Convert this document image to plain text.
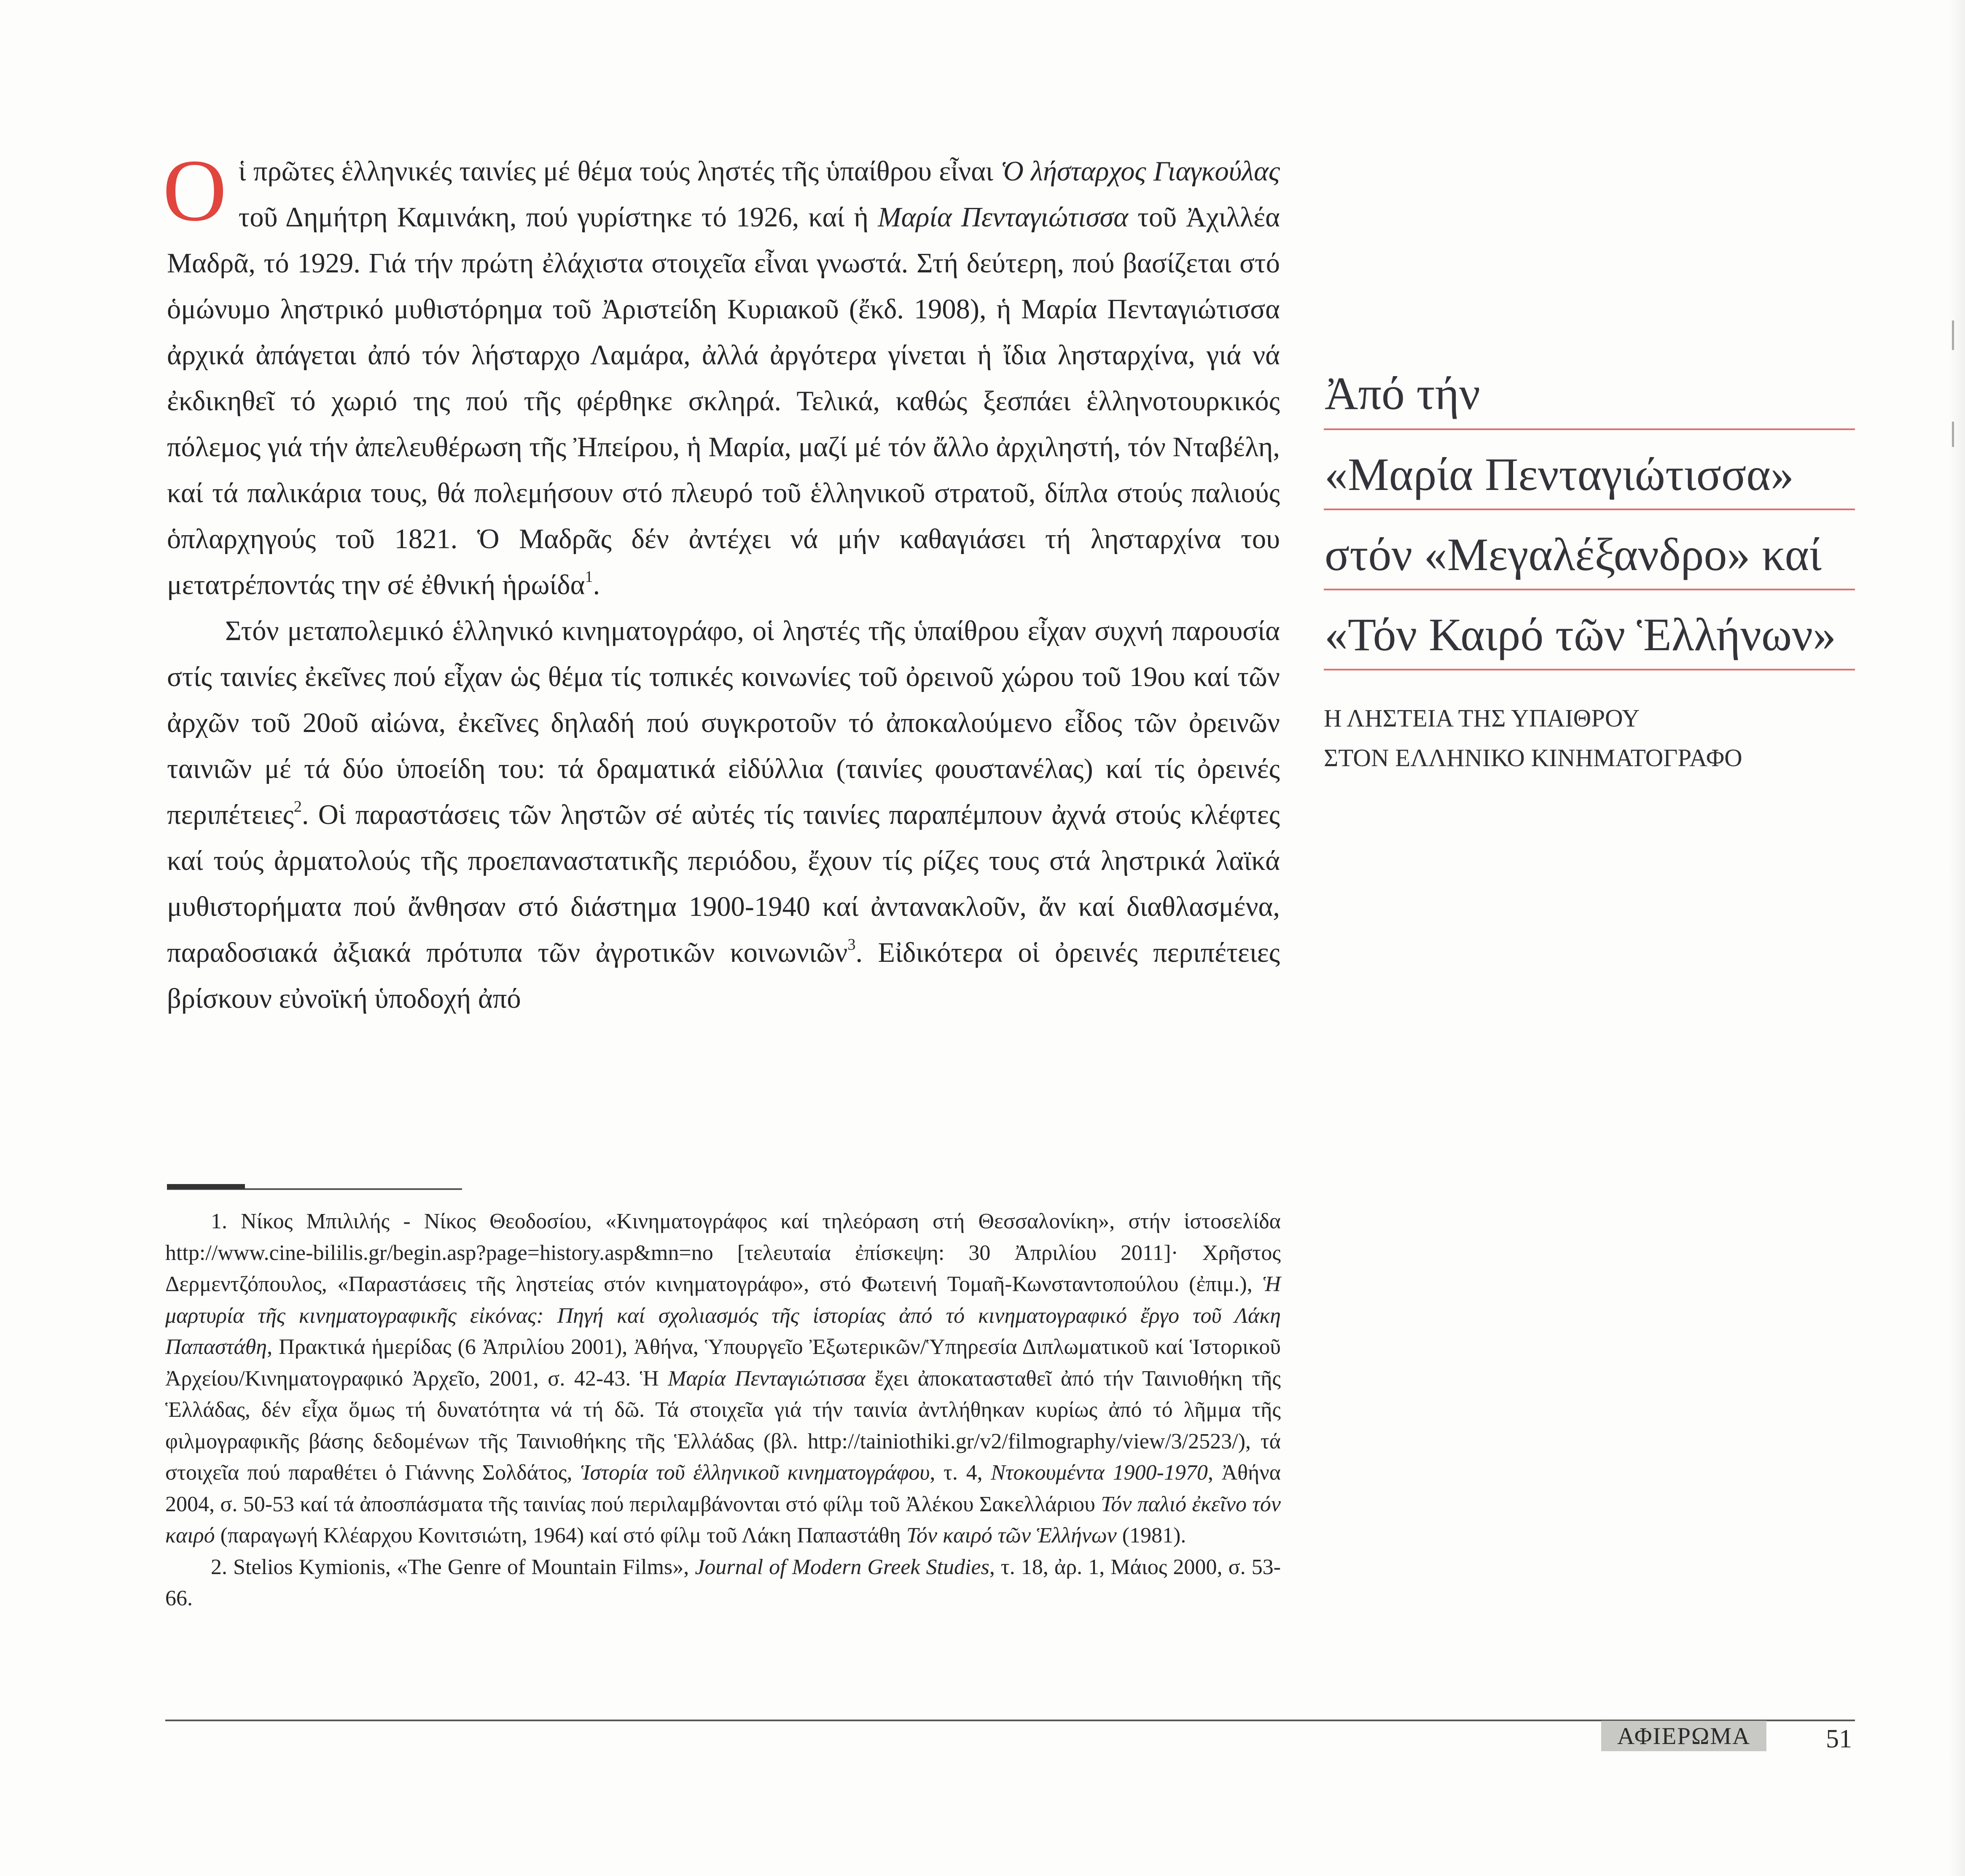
Οἱ πρῶτες ἑλληνικές ταινίες μέ θέμα τούς ληστές τῆς ὑπαίθρου εἶναι Ὁ λήσταρχος Γιαγκούλας τοῦ Δημήτρη Καμινάκη, πού γυρίστηκε τό 1926, καί ἡ Μαρία Πενταγιώτισσα τοῦ Ἀχιλλέα Μαδρᾶ, τό 1929. Γιά τήν πρώτη ἐλάχιστα στοιχεῖα εἶναι γνωστά. Στή δεύτερη, πού βασίζεται στό ὁμώνυμο ληστρικό μυθιστόρημα τοῦ Ἀριστείδη Κυριακοῦ (ἔκδ. 1908), ἡ Μαρία Πενταγιώτισσα ἀρχικά ἀπάγεται ἀπό τόν λήσταρχο Λαμάρα, ἀλλά ἀργότερα γίνεται ἡ ἴδια λησταρχίνα, γιά νά ἐκδικηθεῖ τό χωριό της πού τῆς φέρθηκε σκληρά. Τελικά, καθώς ξεσπάει ἑλληνοτουρκικός πόλεμος γιά τήν ἀπελευθέρωση τῆς Ἠπείρου, ἡ Μαρία, μαζί μέ τόν ἄλλο ἀρχιληστή, τόν Νταβέλη, καί τά παλικάρια τους, θά πολεμήσουν στό πλευρό τοῦ ἑλληνικοῦ στρατοῦ, δίπλα στούς παλιούς ὁπλαρχηγούς τοῦ 1821. Ὁ Μαδρᾶς δέν ἀντέχει νά μήν καθαγιάσει τή λησταρχίνα του μετατρέποντάς την σέ ἐθνική ἡρωίδα$^1$.

Στόν μεταπολεμικό ἑλληνικό κινηματογράφο, οἱ ληστές τῆς ὑπαίθρου εἶχαν συχνή παρουσία στίς ταινίες ἐκεῖνες πού εἶχαν ὡς θέμα τίς τοπικές κοινωνίες τοῦ ὀρεινοῦ χώρου τοῦ 19ου καί τῶν ἀρχῶν τοῦ 20οῦ αἰώνα, ἐκεῖνες δηλαδή πού συγκροτοῦν τό ἀποκαλούμενο εἶδος τῶν ὀρεινῶν ταινιῶν μέ τά δύο ὑποείδη του: τά δραματικά εἰδύλλια (ταινίες φουστανέλας) καί τίς ὀρεινές περιπέτειες$^2$. Οἱ παραστάσεις τῶν ληστῶν σέ αὐτές τίς ταινίες παραπέμπουν ἀχνά στούς κλέφτες καί τούς ἀρματολούς τῆς προεπαναστατικῆς περιόδου, ἔχουν τίς ρίζες τους στά ληστρικά λαϊκά μυθιστορήματα πού ἄνθησαν στό διάστημα 1900-1940 καί ἀντανακλοῦν, ἄν καί διαθλασμένα, παραδοσιακά ἀξιακά πρότυπα τῶν ἀγροτικῶν κοινωνιῶν$^3$. Εἰδικότερα οἱ ὀρεινές περιπέτειες βρίσκουν εὐνοϊκή ὑποδοχή ἀπό

1. Νίκος Μπιλιλής - Νίκος Θεοδοσίου, «Κινηματογράφος καί τηλεόραση στή Θεσσαλονίκη», στήν ἱστοσελίδα http://www.cine-bililis.gr/begin.asp?page=history.asp&mn=no [τελευταία ἐπίσκεψη: 30 Ἀπριλίου 2011]· Χρῆστος Δερμεντζόπουλος, «Παραστάσεις τῆς ληστείας στόν κινηματογράφο», στό Φωτεινή Τομαῆ-Κωνσταντοπούλου (ἐπιμ.), Ἡ μαρτυρία τῆς κινηματογραφικῆς εἰκόνας: Πηγή καί σχολιασμός τῆς ἱστορίας ἀπό τό κινηματογραφικό ἔργο τοῦ Λάκη Παπαστάθη, Πρακτικά ἡμερίδας (6 Ἀπριλίου 2001), Ἀθήνα, Ὑπουργεῖο Ἐξωτερικῶν/Ὑπηρεσία Διπλωματικοῦ καί Ἱστορικοῦ Ἀρχείου/Κινηματογραφικό Ἀρχεῖο, 2001, σ. 42-43. Ἡ Μαρία Πενταγιώτισσα ἔχει ἀποκατασταθεῖ ἀπό τήν Ταινιοθήκη τῆς Ἑλλάδας, δέν εἶχα ὅμως τή δυνατότητα νά τή δῶ. Τά στοιχεῖα γιά τήν ταινία ἀντλήθηκαν κυρίως ἀπό τό λῆμμα τῆς φιλμογραφικῆς βάσης δεδομένων τῆς Ταινιοθήκης τῆς Ἑλλάδας (βλ. http://tainiothiki.gr/v2/filmography/view/3/2523/), τά στοιχεῖα πού παραθέτει ὁ Γιάννης Σολδάτος, Ἱστορία τοῦ ἑλληνικοῦ κινηματογράφου, τ. 4, Ντοκουμέντα 1900-1970, Ἀθήνα 2004, σ. 50-53 καί τά ἀποσπάσματα τῆς ταινίας πού περιλαμβάνονται στό φίλμ τοῦ Ἀλέκου Σακελλάριου Τόν παλιό ἐκεῖνο τόν καιρό (παραγωγή Κλέαρχου Κονιτσιώτη, 1964) καί στό φίλμ τοῦ Λάκη Παπαστάθη Τόν καιρό τῶν Ἑλλήνων (1981).

2. Stelios Kymionis, «The Genre of Mountain Films», Journal of Modern Greek Studies, τ. 18, ἀρ. 1, Μάιος 2000, σ. 53-66.

Ἀπό τήν
«Μαρία Πενταγιώτισσα»
στόν «Μεγαλέξανδρο» καί
«Τόν Καιρό τῶν Ἑλλήνων»
Η ΛΗΣΤΕΙΑ ΤΗΣ ΥΠΑΙΘΡΟΥ
ΣΤΟΝ ΕΛΛΗΝΙΚΟ ΚΙΝΗΜΑΤΟΓΡΑΦΟ
ΑΦΙΕΡΩΜΑ	51
